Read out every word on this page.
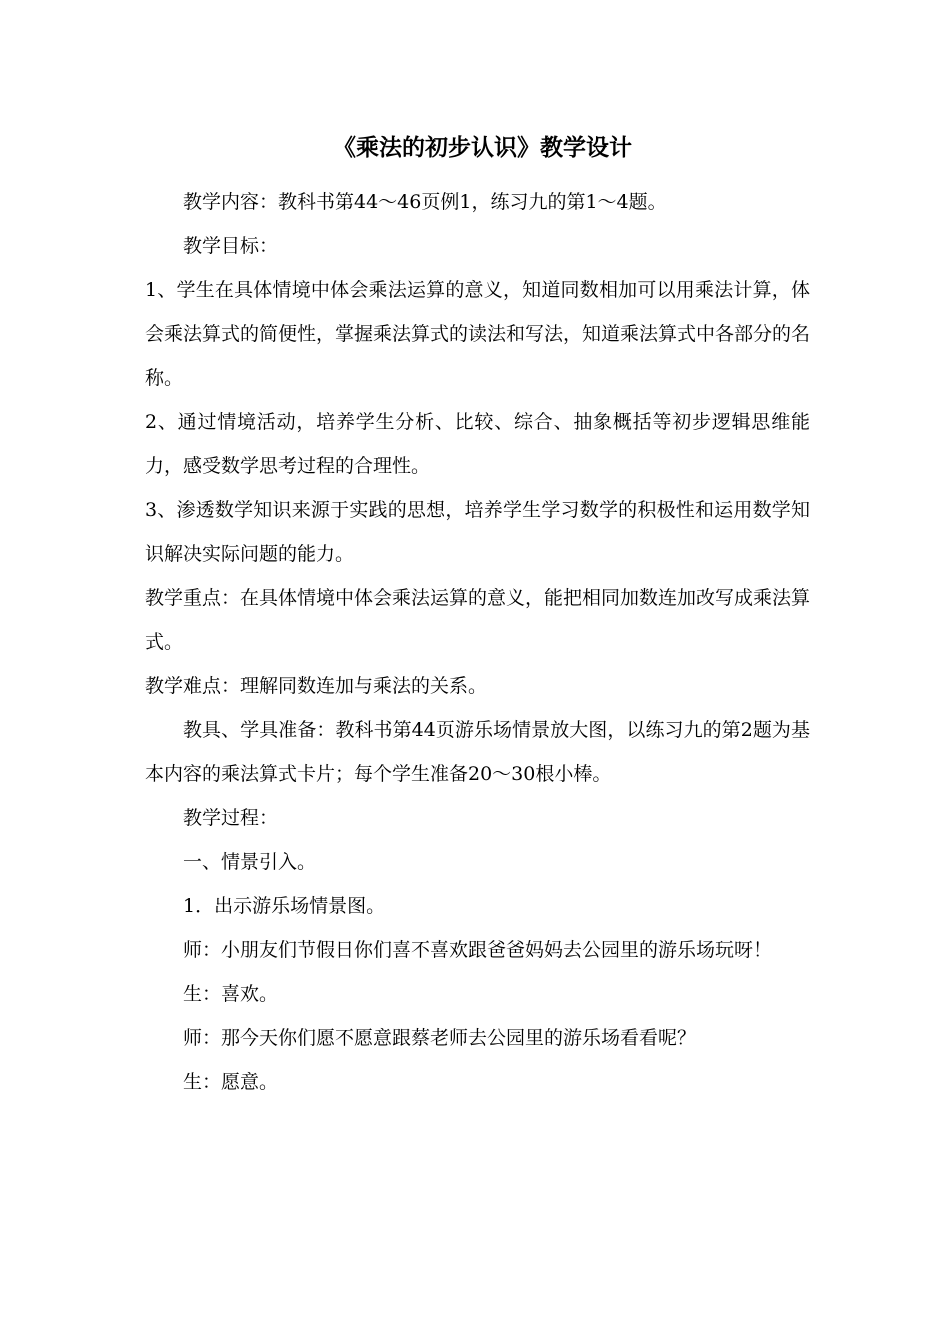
《乘法的初步认识》教学设计

教学内容：教科书第44～46页例1，练习九的第1～4题。

教学目标：

1、学生在具体情境中体会乘法运算的意义，知道同数相加可以用乘法计算，体会乘法算式的简便性，掌握乘法算式的读法和写法，知道乘法算式中各部分的名称。

2、通过情境活动，培养学生分析、比较、综合、抽象概括等初步逻辑思维能力，感受数学思考过程的合理性。

3、渗透数学知识来源于实践的思想，培养学生学习数学的积极性和运用数学知识解决实际问题的能力。

教学重点：在具体情境中体会乘法运算的意义，能把相同加数连加改写成乘法算式。

教学难点：理解同数连加与乘法的关系。

教具、学具准备：教科书第44页游乐场情景放大图，以练习九的第2题为基本内容的乘法算式卡片；每个学生准备20～30根小棒。

教学过程：

一、情景引入。

1．出示游乐场情景图。

师：小朋友们节假日你们喜不喜欢跟爸爸妈妈去公园里的游乐场玩呀！

生：喜欢。

师：那今天你们愿不愿意跟蔡老师去公园里的游乐场看看呢？

生：愿意。
